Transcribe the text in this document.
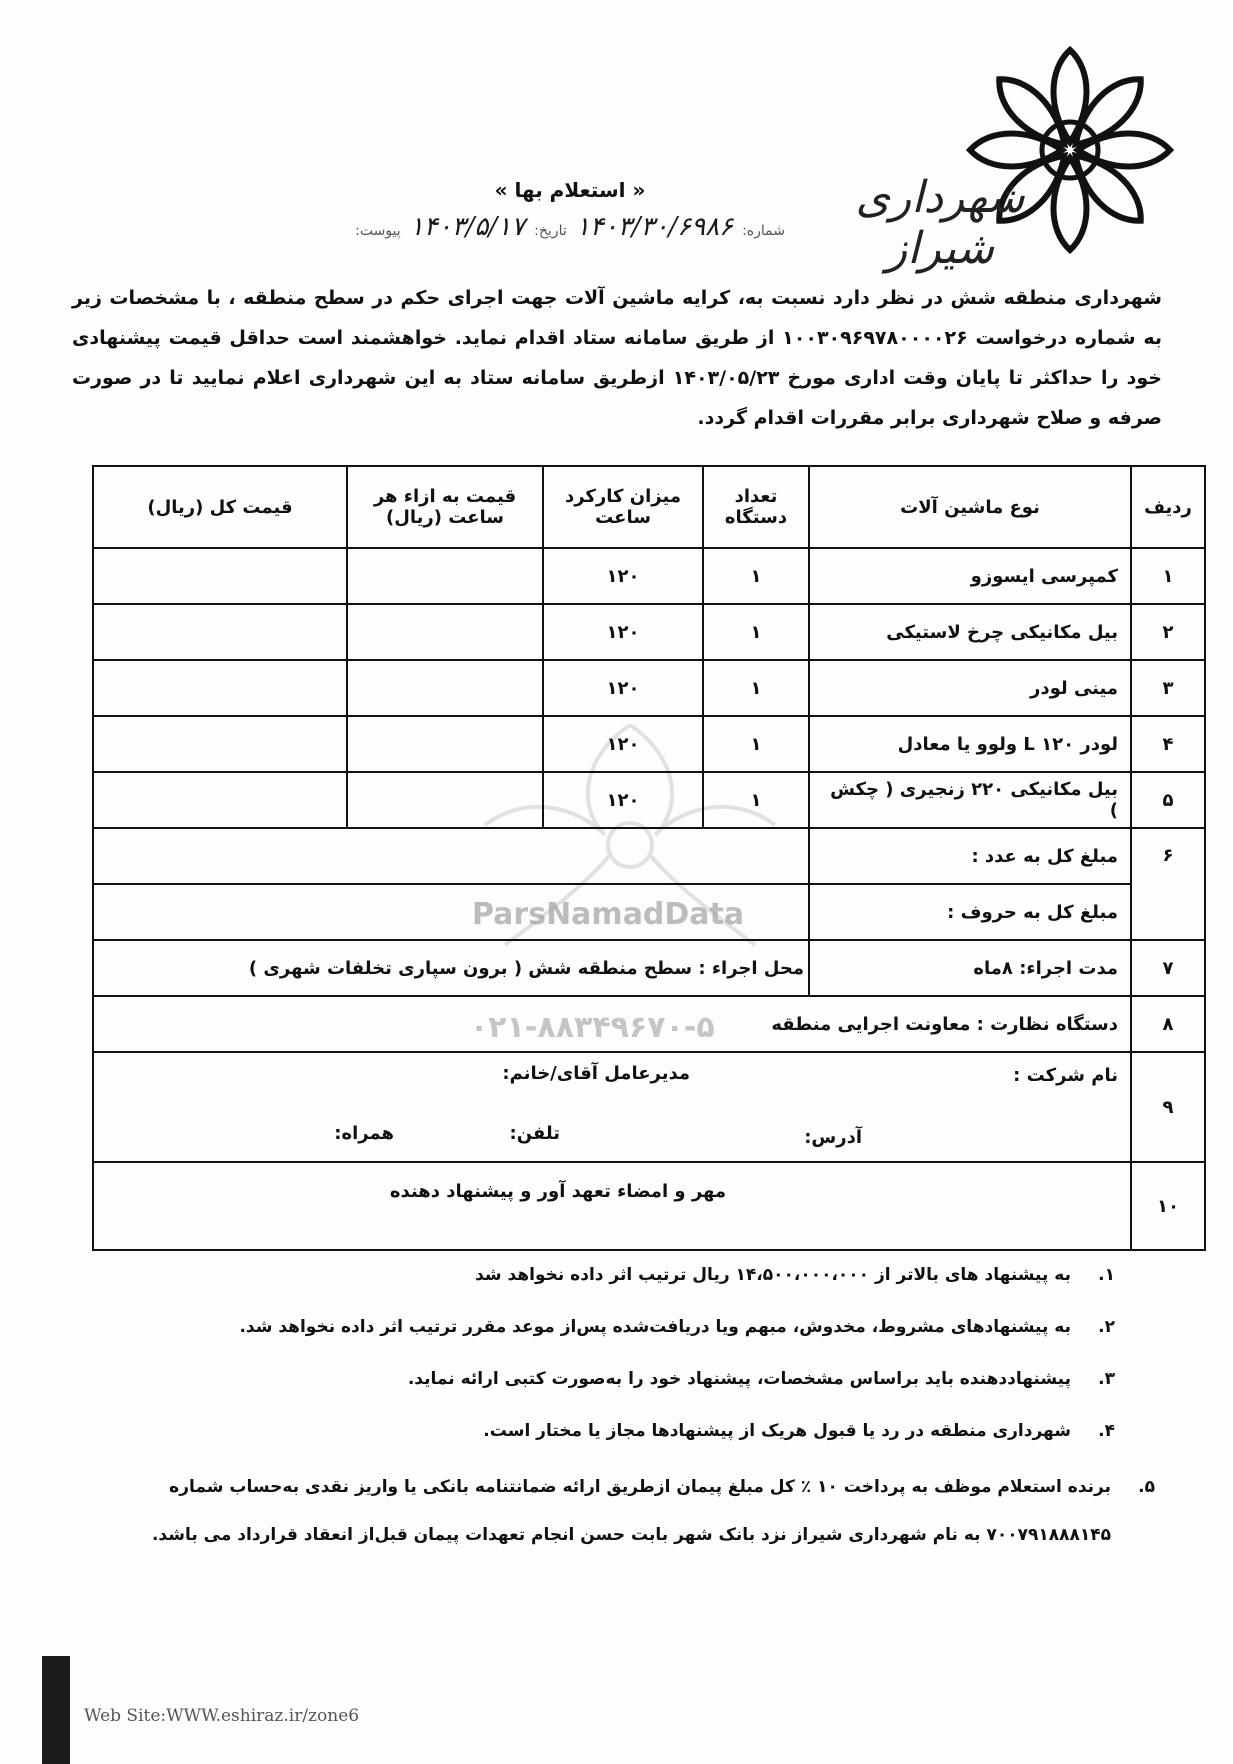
شهرداری شیراز
« استعلام بها »
شماره: ۱۴۰۳/۳۰/۶۹۸۶ تاریخ: ۱۴۰۳/۵/۱۷ پیوست:
شهرداری منطقه شش در نظر دارد نسبت به، کرایه ماشین آلات جهت اجرای حکم در سطح منطقه ، با مشخصات زیر به شماره درخواست ۱۰۰۳۰۹۶۹۷۸۰۰۰۰۲۶ از طریق سامانه ستاد اقدام نماید. خواهشمند است حداقل قیمت پیشنهادی خود را حداکثر تا پایان وقت اداری مورخ ۱۴۰۳/۰۵/۲۳ ازطریق سامانه ستاد به این شهرداری اعلام نمایید تا در صورت صرفه و صلاح شهرداری برابر مقررات اقدام گردد.
ParsNamadData
۰۲۱-۸۸۳۴۹۶۷۰-۵
ردیف	نوع ماشین آلات	تعداد دستگاه	میزان کارکرد ساعت	قیمت به ازاء هر ساعت (ریال)	قیمت کل (ریال)
۱	کمپرسی ایسوزو	۱	۱۲۰		
۲	بیل مکانیکی چرخ لاستیکی	۱	۱۲۰		
۳	مینی لودر	۱	۱۲۰		
۴	لودر ۱۲۰ L ولوو یا معادل	۱	۱۲۰		
۵	بیل مکانیکی ۲۲۰ زنجیری ( چکش )	۱	۱۲۰		
۶	مبلغ کل به عدد :				
	مبلغ کل به حروف :				
۷	مدت اجراء: ۸ماه	محل اجراء : سطح منطقه شش ( برون سپاری تخلفات شهری )			
۸	دستگاه نظارت : معاونت اجرایی منطقه				
۹	نام شرکت :
مدیرعامل آقای/خانم:
آدرس:
تلفن:
همراه:				

۱۰	مهر و امضاء تعهد آور و پیشنهاد دهنده				
۱.
به پیشنهاد های بالاتر از ۱۴،۵۰۰،۰۰۰،۰۰۰ ریال ترتیب اثر داده نخواهد شد
۲.
به پیشنهادهای مشروط، مخدوش، مبهم ویا دریافت‌شده پس‌از موعد مقرر ترتیب اثر داده نخواهد شد.
۳.
پیشنهاددهنده باید براساس مشخصات، پیشنهاد خود را به‌صورت کتبی ارائه نماید.
۴.
شهرداری منطقه در رد یا قبول هریک از پیشنهادها مجاز یا مختار است.
۵.
برنده استعلام موظف به پرداخت ۱۰ ٪ کل مبلغ پیمان ازطریق ارائه ضمانتنامه بانکی یا واریز نقدی به‌حساب شماره ۷۰۰۷۹۱۸۸۸۱۴۵ به نام شهرداری شیراز نزد بانک شهر بابت حسن انجام تعهدات پیمان قبل‌از انعقاد قرارداد می باشد.
Web Site:WWW.eshiraz.ir/zone6
